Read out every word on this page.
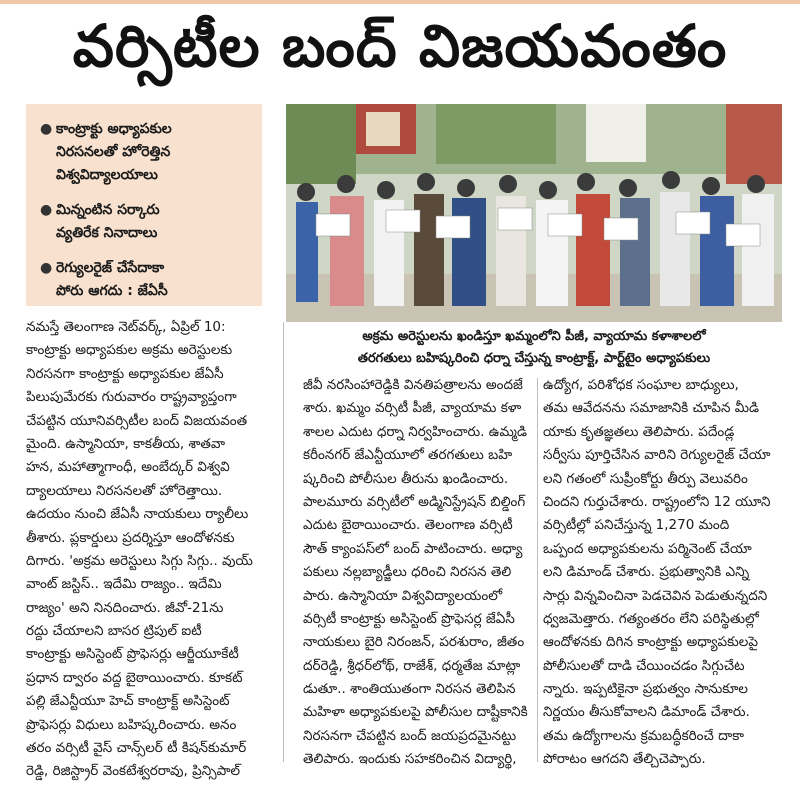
వర్సిటీల బంద్ విజయవంతం
● కాంట్రాక్టు అధ్యాపకుల
నిరసనలతో హోరెత్తిన
విశ్వవిద్యాలయాలు
● మిన్నంటిన సర్కారు
వ్యతిరేక నినాదాలు
● రెగ్యులరైజ్ చేసేదాకా
పోరు ఆగదు : జేఏసీ
అక్రమ అరెస్టులను ఖండిస్తూ ఖమ్మంలోని పీజీ, వ్యాయామ కళాశాలలో
తరగతులు బహిష్కరించి ధర్నా చేస్తున్న కాంట్రాక్ట్, పార్ట్‌టైం అధ్యాపకులు
నమస్తే తెలంగాణ నెట్‌వర్క్, ఏప్రిల్ 10:
కాంట్రాక్టు అధ్యాపకుల అక్రమ అరెస్టులకు
నిరసనగా కాంట్రాక్టు అధ్యాపకుల జేఏసీ
పిలుపుమేరకు గురువారం రాష్ట్రవ్యాప్తంగా
చేపట్టిన యూనివర్సిటీల బంద్ విజయవంత
మైంది. ఉస్మానియా, కాకతీయ, శాతవా
హన, మహాత్మాగాంధీ, అంబేద్కర్ విశ్వవి
ద్యాలయాలు నిరసనలతో హోరెత్తాయి.
ఉదయం నుంచి జేఏసీ నాయకులు ర్యాలీలు
తీశారు. ప్లకార్డులు ప్రదర్శిస్తూ ఆందోళనకు
దిగారు. 'అక్రమ అరెస్టులు సిగ్గు సిగ్గు.. వుయ్
వాంట్ జస్టిస్.. ఇదేమి రాజ్యం.. ఇదేమి
రాజ్యం' అని నినదించారు. జీవో-21ను
రద్దు చేయాలని బాసర ట్రిపుల్ ఐటీ
కాంట్రాక్టు అసిస్టెంట్ ప్రొఫెసర్లు ఆర్జీయూకేటీ
ప్రధాన ద్వారం వద్ద బైఠాయించారు. కూకట్
పల్లి జేఎన్టీయూ హెచ్ కాంట్రాక్ట్ అసిస్టెంట్
ప్రొఫెసర్లు విధులు బహిష్కరించారు. అనం
తరం వర్సిటీ వైస్ చాన్స్‌లర్ టీ కిషన్‌కుమార్
రెడ్డి, రిజిస్ట్రార్ వెంకటేశ్వరరావు, ప్రిన్సిపాల్
జీవీ నరసింహారెడ్డికి వినతిపత్రాలను అందజే
శారు. ఖమ్మం వర్సిటీ పీజీ, వ్యాయామ కళా
శాలల ఎదుట ధర్నా నిర్వహించారు. ఉమ్మడి
కరీంనగర్ జేఎన్టీయూలో తరగతులు బహి
ష్కరించి పోలీసుల తీరును ఖండించారు.
పాలమూరు వర్సిటీలో అడ్మినిస్ట్రేషన్ బిల్డింగ్
ఎదుట బైఠాయించారు. తెలంగాణ వర్సిటీ
సౌత్ క్యాంపస్‌లో బంద్ పాటించారు. అధ్యా
పకులు నల్లబ్యాడ్జీలు ధరించి నిరసన తెలి
పారు. ఉస్మానియా విశ్వవిద్యాలయంలో
వర్సిటీ కాంట్రాక్టు అసిస్టెంట్ ప్రొఫెసర్ల జేఏసీ
నాయకులు బైరి నిరంజన్, పరశురాం, జీతం
దర్‌రెడ్డి, శ్రీధర్‌లోథ్, రాజేశ్, ధర్మతేజ మాట్లా
డుతూ.. శాంతియుతంగా నిరసన తెలిపిన
మహిళా అధ్యాపకులపై పోలీసుల దాష్టీకానికి
నిరసనగా చేపట్టిన బంద్ జయప్రదమైనట్టు
తెలిపారు. ఇందుకు సహకరించిన విద్యార్థి,
ఉద్యోగ, పరిశోధక సంఘాల బాధ్యులు,
తమ ఆవేదనను సమాజానికి చూపిన మీడి
యాకు కృతజ్ఞతలు తెలిపారు. పదేండ్ల
సర్వీసు పూర్తిచేసిన వారిని రెగ్యులరైజ్ చేయా
లని గతంలో సుప్రీంకోర్టు తీర్పు వెలువరిం
చిందని గుర్తుచేశారు. రాష్ట్రంలోని 12 యూని
వర్సిటీల్లో పనిచేస్తున్న 1,270 మంది
ఒప్పంద అధ్యాపకులను పర్మినెంట్ చేయా
లని డిమాండ్ చేశారు. ప్రభుత్వానికి ఎన్ని
సార్లు విన్నవించినా పెడచెవిన పెడుతున్నదని
ధ్వజమెత్తారు. గత్యంతరం లేని పరిస్థితుల్లో
ఆందోళనకు దిగిన కాంట్రాక్టు అధ్యాపకులపై
పోలీసులతో దాడి చేయించడం సిగ్గుచేట
న్నారు. ఇప్పటికైనా ప్రభుత్వం సానుకూల
నిర్ణయం తీసుకోవాలని డిమాండ్ చేశారు.
తమ ఉద్యోగాలను క్రమబద్ధీకరించే దాకా
పోరాటం ఆగదని తేల్చిచెప్పారు.
